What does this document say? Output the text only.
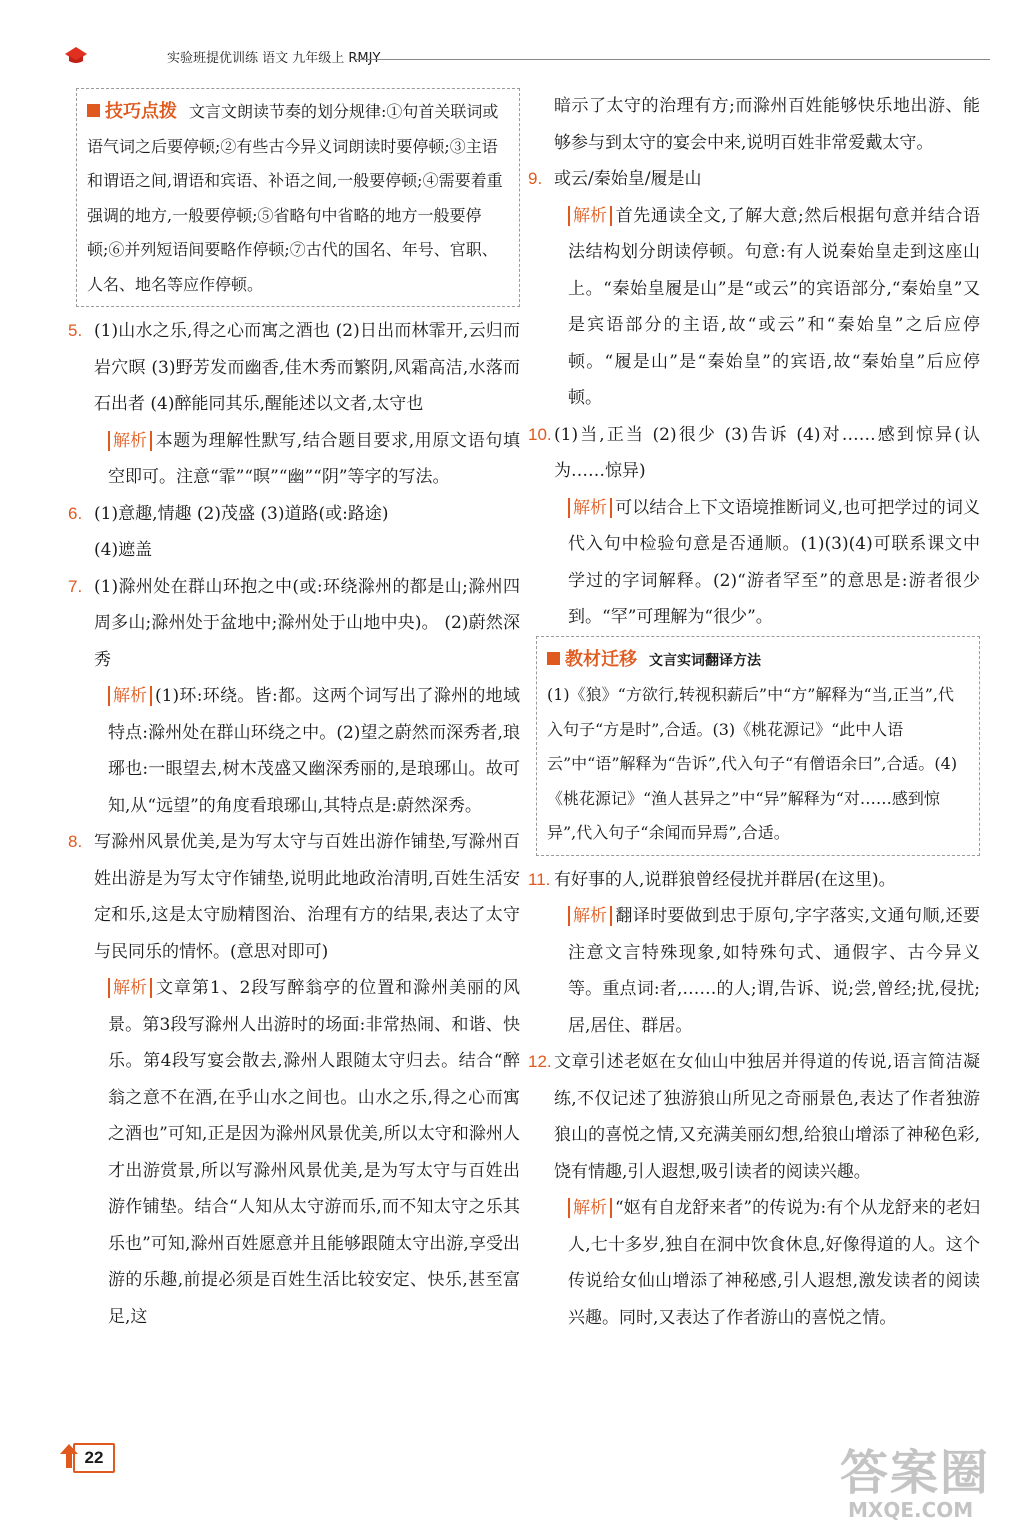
实验班提优训练 语文 九年级上 RMJY
技巧点拨 文言文朗读节奏的划分规律:①句首关联词或语气词之后要停顿;②有些古今异义词朗读时要停顿;③主语和谓语之间,谓语和宾语、补语之间,一般要停顿;④需要着重强调的地方,一般要停顿;⑤省略句中省略的地方一般要停顿;⑥并列短语间要略作停顿;⑦古代的国名、年号、官职、人名、地名等应作停顿。
5. (1)山水之乐,得之心而寓之酒也 (2)日出而林霏开,云归而岩穴暝 (3)野芳发而幽香,佳木秀而繁阴,风霜高洁,水落而石出者 (4)醉能同其乐,醒能述以文者,太守也

解析 本题为理解性默写,结合题目要求,用原文语句填空即可。注意“霏”“暝”“幽”“阴”等字的写法。

6. (1)意趣,情趣 (2)茂盛 (3)道路(或:路途)

(4)遮盖

7. (1)滁州处在群山环抱之中(或:环绕滁州的都是山;滁州四周多山;滁州处于盆地中;滁州处于山地中央)。 (2)蔚然深秀

解析 (1)环:环绕。皆:都。这两个词写出了滁州的地域特点:滁州处在群山环绕之中。(2)望之蔚然而深秀者,琅琊也:一眼望去,树木茂盛又幽深秀丽的,是琅琊山。故可知,从“远望”的角度看琅琊山,其特点是:蔚然深秀。

8. 写滁州风景优美,是为写太守与百姓出游作铺垫,写滁州百姓出游是为写太守作铺垫,说明此地政治清明,百姓生活安定和乐,这是太守励精图治、治理有方的结果,表达了太守与民同乐的情怀。(意思对即可)

解析 文章第1、2段写醉翁亭的位置和滁州美丽的风景。第3段写滁州人出游时的场面:非常热闹、和谐、快乐。第4段写宴会散去,滁州人跟随太守归去。结合“醉翁之意不在酒,在乎山水之间也。山水之乐,得之心而寓之酒也”可知,正是因为滁州风景优美,所以太守和滁州人才出游赏景,所以写滁州风景优美,是为写太守与百姓出游作铺垫。结合“人知从太守游而乐,而不知太守之乐其乐也”可知,滁州百姓愿意并且能够跟随太守出游,享受出游的乐趣,前提必须是百姓生活比较安定、快乐,甚至富足,这

暗示了太守的治理有方;而滁州百姓能够快乐地出游、能够参与到太守的宴会中来,说明百姓非常爱戴太守。

9. 或云/秦始皇/履是山

解析 首先通读全文,了解大意;然后根据句意并结合语法结构划分朗读停顿。句意:有人说秦始皇走到这座山上。“秦始皇履是山”是“或云”的宾语部分,“秦始皇”又是宾语部分的主语,故“或云”和“秦始皇”之后应停顿。“履是山”是“秦始皇”的宾语,故“秦始皇”后应停顿。

10. (1)当,正当 (2)很少 (3)告诉 (4)对……感到惊异(认为……惊异)

解析 可以结合上下文语境推断词义,也可把学过的词义代入句中检验句意是否通顺。(1)(3)(4)可联系课文中学过的字词解释。(2)“游者罕至”的意思是:游者很少到。“罕”可理解为“很少”。

教材迁移 文言实词翻译方法
(1)《狼》“方欲行,转视积薪后”中“方”解释为“当,正当”,代入句子“方是时”,合适。(3)《桃花源记》“此中人语云”中“语”解释为“告诉”,代入句子“有僧语余曰”,合适。(4)《桃花源记》“渔人甚异之”中“异”解释为“对……感到惊异”,代入句子“余闻而异焉”,合适。
11. 有好事的人,说群狼曾经侵扰并群居(在这里)。

解析 翻译时要做到忠于原句,字字落实,文通句顺,还要注意文言特殊现象,如特殊句式、通假字、古今异义等。重点词:者,……的人;谓,告诉、说;尝,曾经;扰,侵扰;居,居住、群居。

12. 文章引述老妪在女仙山中独居并得道的传说,语言简洁凝练,不仅记述了独游狼山所见之奇丽景色,表达了作者独游狼山的喜悦之情,又充满美丽幻想,给狼山增添了神秘色彩,饶有情趣,引人遐想,吸引读者的阅读兴趣。

解析 “妪有自龙舒来者”的传说为:有个从龙舒来的老妇人,七十多岁,独自在洞中饮食休息,好像得道的人。这个传说给女仙山增添了神秘感,引人遐想,激发读者的阅读兴趣。同时,又表达了作者游山的喜悦之情。

22	答案圈
MXQE.COM
